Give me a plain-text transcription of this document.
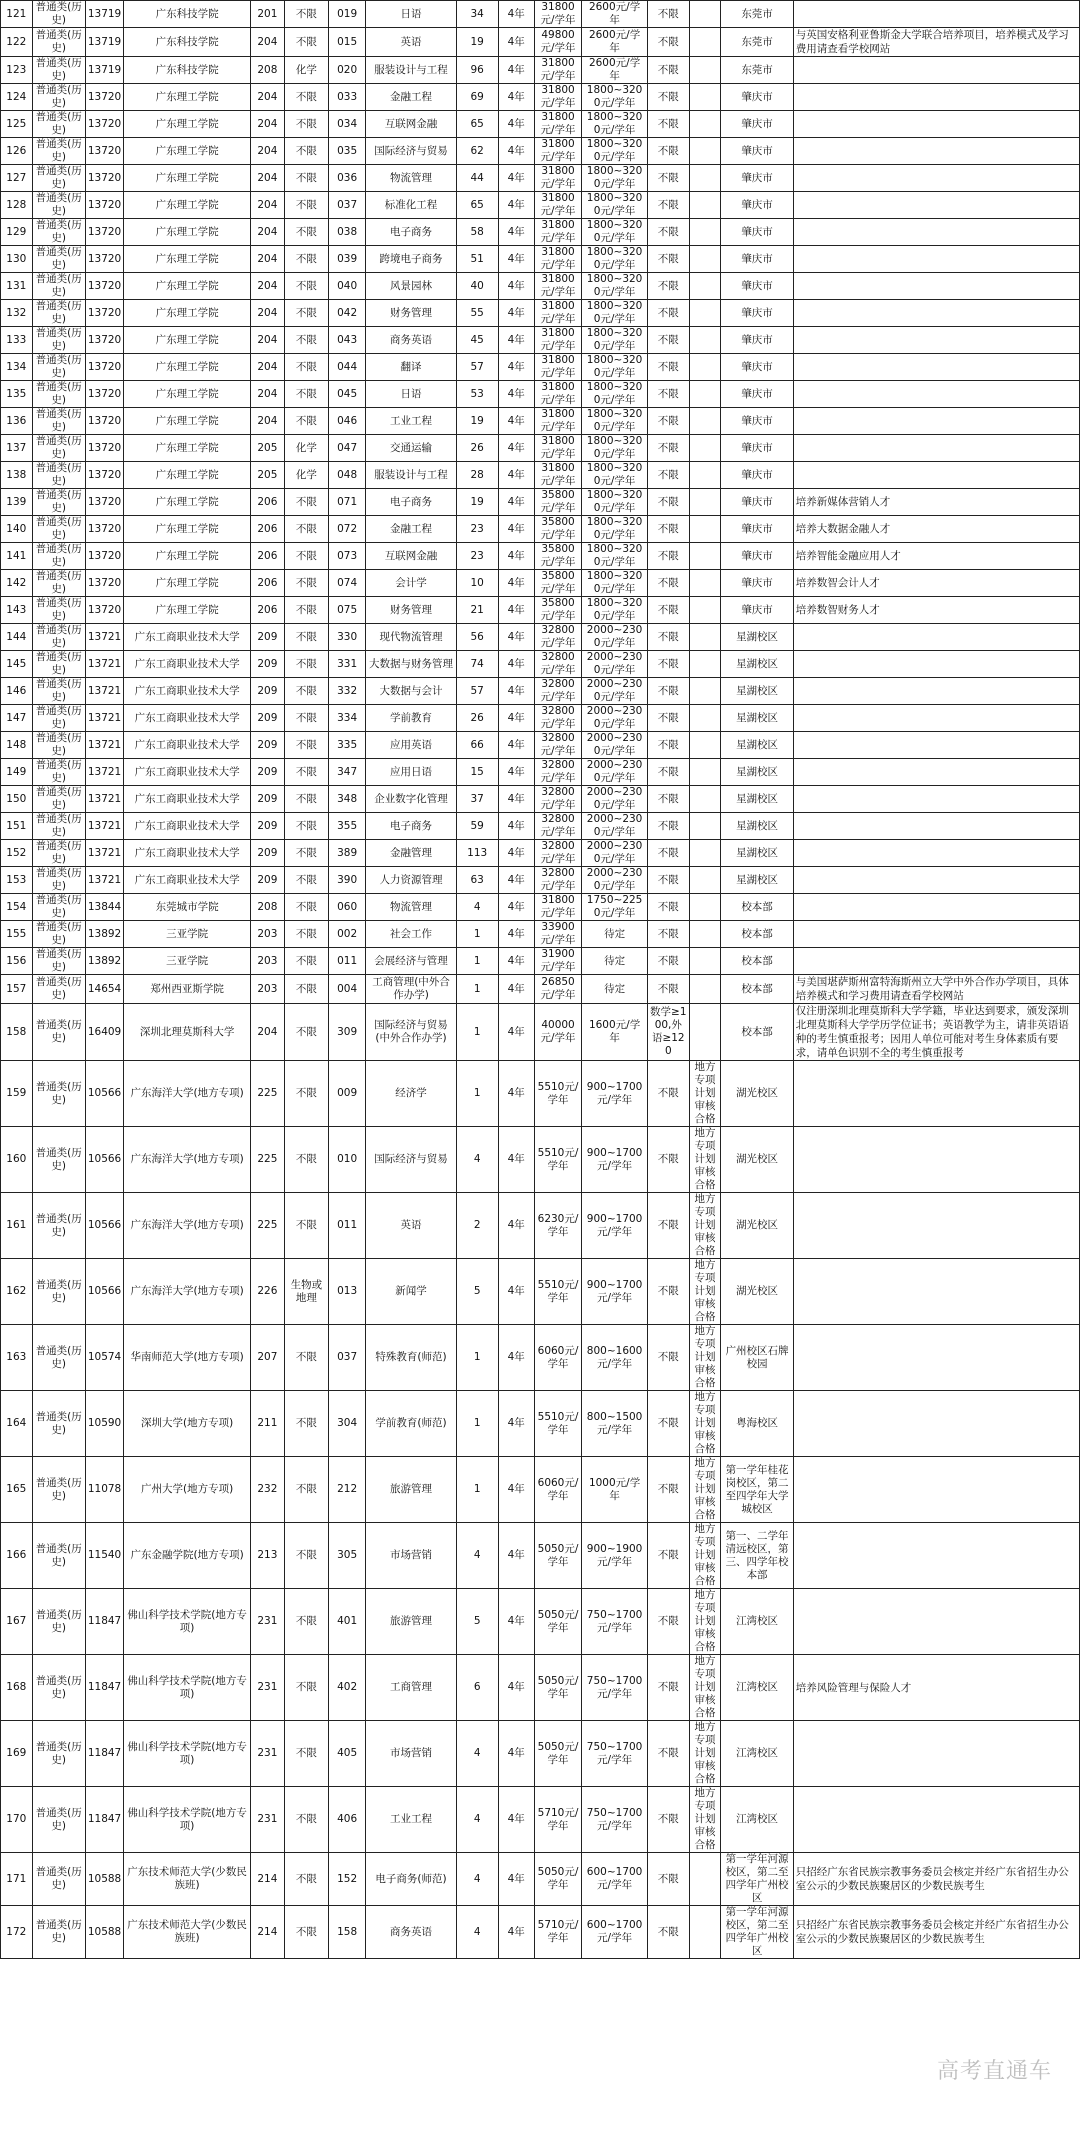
121	普通类(历史)	13719	广东科技学院	201	不限	019	日语	34	4年	31800元/学年	2600元/学年	不限		东莞市	
122	普通类(历史)	13719	广东科技学院	204	不限	015	英语	19	4年	49800元/学年	2600元/学年	不限		东莞市	与英国安格利亚鲁斯金大学联合培养项目，培养模式及学习费用请查看学校网站
123	普通类(历史)	13719	广东科技学院	208	化学	020	服装设计与工程	96	4年	31800元/学年	2600元/学年	不限		东莞市	
124	普通类(历史)	13720	广东理工学院	204	不限	033	金融工程	69	4年	31800元/学年	1800~3200元/学年	不限		肇庆市	
125	普通类(历史)	13720	广东理工学院	204	不限	034	互联网金融	65	4年	31800元/学年	1800~3200元/学年	不限		肇庆市	
126	普通类(历史)	13720	广东理工学院	204	不限	035	国际经济与贸易	62	4年	31800元/学年	1800~3200元/学年	不限		肇庆市	
127	普通类(历史)	13720	广东理工学院	204	不限	036	物流管理	44	4年	31800元/学年	1800~3200元/学年	不限		肇庆市	
128	普通类(历史)	13720	广东理工学院	204	不限	037	标准化工程	65	4年	31800元/学年	1800~3200元/学年	不限		肇庆市	
129	普通类(历史)	13720	广东理工学院	204	不限	038	电子商务	58	4年	31800元/学年	1800~3200元/学年	不限		肇庆市	
130	普通类(历史)	13720	广东理工学院	204	不限	039	跨境电子商务	51	4年	31800元/学年	1800~3200元/学年	不限		肇庆市	
131	普通类(历史)	13720	广东理工学院	204	不限	040	风景园林	40	4年	31800元/学年	1800~3200元/学年	不限		肇庆市	
132	普通类(历史)	13720	广东理工学院	204	不限	042	财务管理	55	4年	31800元/学年	1800~3200元/学年	不限		肇庆市	
133	普通类(历史)	13720	广东理工学院	204	不限	043	商务英语	45	4年	31800元/学年	1800~3200元/学年	不限		肇庆市	
134	普通类(历史)	13720	广东理工学院	204	不限	044	翻译	57	4年	31800元/学年	1800~3200元/学年	不限		肇庆市	
135	普通类(历史)	13720	广东理工学院	204	不限	045	日语	53	4年	31800元/学年	1800~3200元/学年	不限		肇庆市	
136	普通类(历史)	13720	广东理工学院	204	不限	046	工业工程	19	4年	31800元/学年	1800~3200元/学年	不限		肇庆市	
137	普通类(历史)	13720	广东理工学院	205	化学	047	交通运输	26	4年	31800元/学年	1800~3200元/学年	不限		肇庆市	
138	普通类(历史)	13720	广东理工学院	205	化学	048	服装设计与工程	28	4年	31800元/学年	1800~3200元/学年	不限		肇庆市	
139	普通类(历史)	13720	广东理工学院	206	不限	071	电子商务	19	4年	35800元/学年	1800~3200元/学年	不限		肇庆市	培养新媒体营销人才
140	普通类(历史)	13720	广东理工学院	206	不限	072	金融工程	23	4年	35800元/学年	1800~3200元/学年	不限		肇庆市	培养大数据金融人才
141	普通类(历史)	13720	广东理工学院	206	不限	073	互联网金融	23	4年	35800元/学年	1800~3200元/学年	不限		肇庆市	培养智能金融应用人才
142	普通类(历史)	13720	广东理工学院	206	不限	074	会计学	10	4年	35800元/学年	1800~3200元/学年	不限		肇庆市	培养数智会计人才
143	普通类(历史)	13720	广东理工学院	206	不限	075	财务管理	21	4年	35800元/学年	1800~3200元/学年	不限		肇庆市	培养数智财务人才
144	普通类(历史)	13721	广东工商职业技术大学	209	不限	330	现代物流管理	56	4年	32800元/学年	2000~2300元/学年	不限		星湖校区	
145	普通类(历史)	13721	广东工商职业技术大学	209	不限	331	大数据与财务管理	74	4年	32800元/学年	2000~2300元/学年	不限		星湖校区	
146	普通类(历史)	13721	广东工商职业技术大学	209	不限	332	大数据与会计	57	4年	32800元/学年	2000~2300元/学年	不限		星湖校区	
147	普通类(历史)	13721	广东工商职业技术大学	209	不限	334	学前教育	26	4年	32800元/学年	2000~2300元/学年	不限		星湖校区	
148	普通类(历史)	13721	广东工商职业技术大学	209	不限	335	应用英语	66	4年	32800元/学年	2000~2300元/学年	不限		星湖校区	
149	普通类(历史)	13721	广东工商职业技术大学	209	不限	347	应用日语	15	4年	32800元/学年	2000~2300元/学年	不限		星湖校区	
150	普通类(历史)	13721	广东工商职业技术大学	209	不限	348	企业数字化管理	37	4年	32800元/学年	2000~2300元/学年	不限		星湖校区	
151	普通类(历史)	13721	广东工商职业技术大学	209	不限	355	电子商务	59	4年	32800元/学年	2000~2300元/学年	不限		星湖校区	
152	普通类(历史)	13721	广东工商职业技术大学	209	不限	389	金融管理	113	4年	32800元/学年	2000~2300元/学年	不限		星湖校区	
153	普通类(历史)	13721	广东工商职业技术大学	209	不限	390	人力资源管理	63	4年	32800元/学年	2000~2300元/学年	不限		星湖校区	
154	普通类(历史)	13844	东莞城市学院	208	不限	060	物流管理	4	4年	31800元/学年	1750~2250元/学年	不限		校本部	
155	普通类(历史)	13892	三亚学院	203	不限	002	社会工作	1	4年	33900元/学年	待定	不限		校本部	
156	普通类(历史)	13892	三亚学院	203	不限	011	会展经济与管理	1	4年	31900元/学年	待定	不限		校本部	
157	普通类(历史)	14654	郑州西亚斯学院	203	不限	004	工商管理(中外合作办学)	1	4年	26850元/学年	待定	不限		校本部	与美国堪萨斯州富特海斯州立大学中外合作办学项目，具体培养模式和学习费用请查看学校网站
158	普通类(历史)	16409	深圳北理莫斯科大学	204	不限	309	国际经济与贸易(中外合作办学)	1	4年	40000元/学年	1600元/学年	数学≥100,外语≥120		校本部	仅注册深圳北理莫斯科大学学籍，毕业达到要求，颁发深圳北理莫斯科大学学历学位证书；英语教学为主，请非英语语种的考生慎重报考；因用人单位可能对考生身体素质有要求，请单色识别不全的考生慎重报考
159	普通类(历史)	10566	广东海洋大学(地方专项)	225	不限	009	经济学	1	4年	5510元/学年	900~1700元/学年	不限	地方专项计划审核合格	湖光校区	
160	普通类(历史)	10566	广东海洋大学(地方专项)	225	不限	010	国际经济与贸易	4	4年	5510元/学年	900~1700元/学年	不限	地方专项计划审核合格	湖光校区	
161	普通类(历史)	10566	广东海洋大学(地方专项)	225	不限	011	英语	2	4年	6230元/学年	900~1700元/学年	不限	地方专项计划审核合格	湖光校区	
162	普通类(历史)	10566	广东海洋大学(地方专项)	226	生物或地理	013	新闻学	5	4年	5510元/学年	900~1700元/学年	不限	地方专项计划审核合格	湖光校区	
163	普通类(历史)	10574	华南师范大学(地方专项)	207	不限	037	特殊教育(师范)	1	4年	6060元/学年	800~1600元/学年	不限	地方专项计划审核合格	广州校区石牌校园	
164	普通类(历史)	10590	深圳大学(地方专项)	211	不限	304	学前教育(师范)	1	4年	5510元/学年	800~1500元/学年	不限	地方专项计划审核合格	粤海校区	
165	普通类(历史)	11078	广州大学(地方专项)	232	不限	212	旅游管理	1	4年	6060元/学年	1000元/学年	不限	地方专项计划审核合格	第一学年桂花岗校区，第二至四学年大学城校区	
166	普通类(历史)	11540	广东金融学院(地方专项)	213	不限	305	市场营销	4	4年	5050元/学年	900~1900元/学年	不限	地方专项计划审核合格	第一、二学年清远校区，第三、四学年校本部	
167	普通类(历史)	11847	佛山科学技术学院(地方专项)	231	不限	401	旅游管理	5	4年	5050元/学年	750~1700元/学年	不限	地方专项计划审核合格	江湾校区	
168	普通类(历史)	11847	佛山科学技术学院(地方专项)	231	不限	402	工商管理	6	4年	5050元/学年	750~1700元/学年	不限	地方专项计划审核合格	江湾校区	培养风险管理与保险人才
169	普通类(历史)	11847	佛山科学技术学院(地方专项)	231	不限	405	市场营销	4	4年	5050元/学年	750~1700元/学年	不限	地方专项计划审核合格	江湾校区	
170	普通类(历史)	11847	佛山科学技术学院(地方专项)	231	不限	406	工业工程	4	4年	5710元/学年	750~1700元/学年	不限	地方专项计划审核合格	江湾校区	
171	普通类(历史)	10588	广东技术师范大学(少数民族班)	214	不限	152	电子商务(师范)	4	4年	5050元/学年	600~1700元/学年	不限		第一学年河源校区，第二至四学年广州校区	只招经广东省民族宗教事务委员会核定并经广东省招生办公室公示的少数民族聚居区的少数民族考生
172	普通类(历史)	10588	广东技术师范大学(少数民族班)	214	不限	158	商务英语	4	4年	5710元/学年	600~1700元/学年	不限		第一学年河源校区，第二至四学年广州校区	只招经广东省民族宗教事务委员会核定并经广东省招生办公室公示的少数民族聚居区的少数民族考生
高考直通车
